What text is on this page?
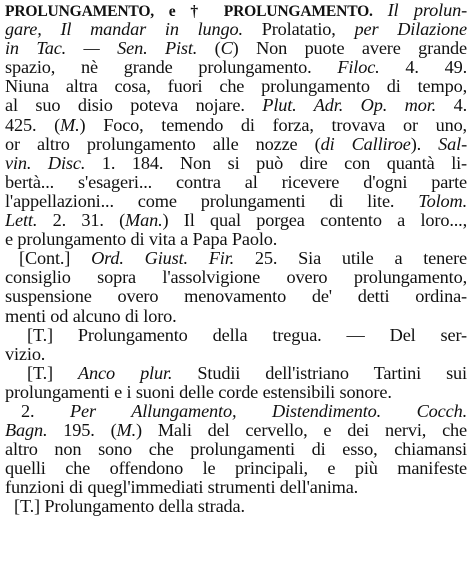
PROLUNGAMENTO, e † PROLUNGAMENTO. Il prolun-
gare, Il mandar in lungo. Prolatatio, per Dilazione
in Tac. — Sen. Pist. (C) Non puote avere grande
spazio, nè grande prolungamento. Filoc. 4. 49.
Niuna altra cosa, fuori che prolungamento di tempo,
al suo disio poteva nojare. Plut. Adr. Op. mor. 4.
425. (M.) Foco, temendo di forza, trovava or uno,
or altro prolungamento alle nozze (di Calliroe). Sal-
vin. Disc. 1. 184. Non si può dire con quantà li-
bertà... s'esageri... contra al ricevere d'ogni parte
l'appellazioni... come prolungamenti di lite. Tolom.
Lett. 2. 31. (Man.) Il qual porgea contento a loro...,
e prolungamento di vita a Papa Paolo.
[Cont.] Ord. Giust. Fir. 25. Sia utile a tenere
consiglio sopra l'assolvigione overo prolungamento,
suspensione overo menovamento de' detti ordina-
menti od alcuno di loro.
[T.] Prolungamento della tregua. — Del ser-
vizio.
[T.] Anco plur. Studii dell'istriano Tartini sui
prolungamenti e i suoni delle corde estensibili sonore.
2. Per Allungamento, Distendimento. Cocch.
Bagn. 195. (M.) Mali del cervello, e dei nervi, che
altro non sono che prolungamenti di esso, chiamansi
quelli che offendono le principali, e più manifeste
funzioni di quegl'immediati strumenti dell'anima.
[T.] Prolungamento della strada.
